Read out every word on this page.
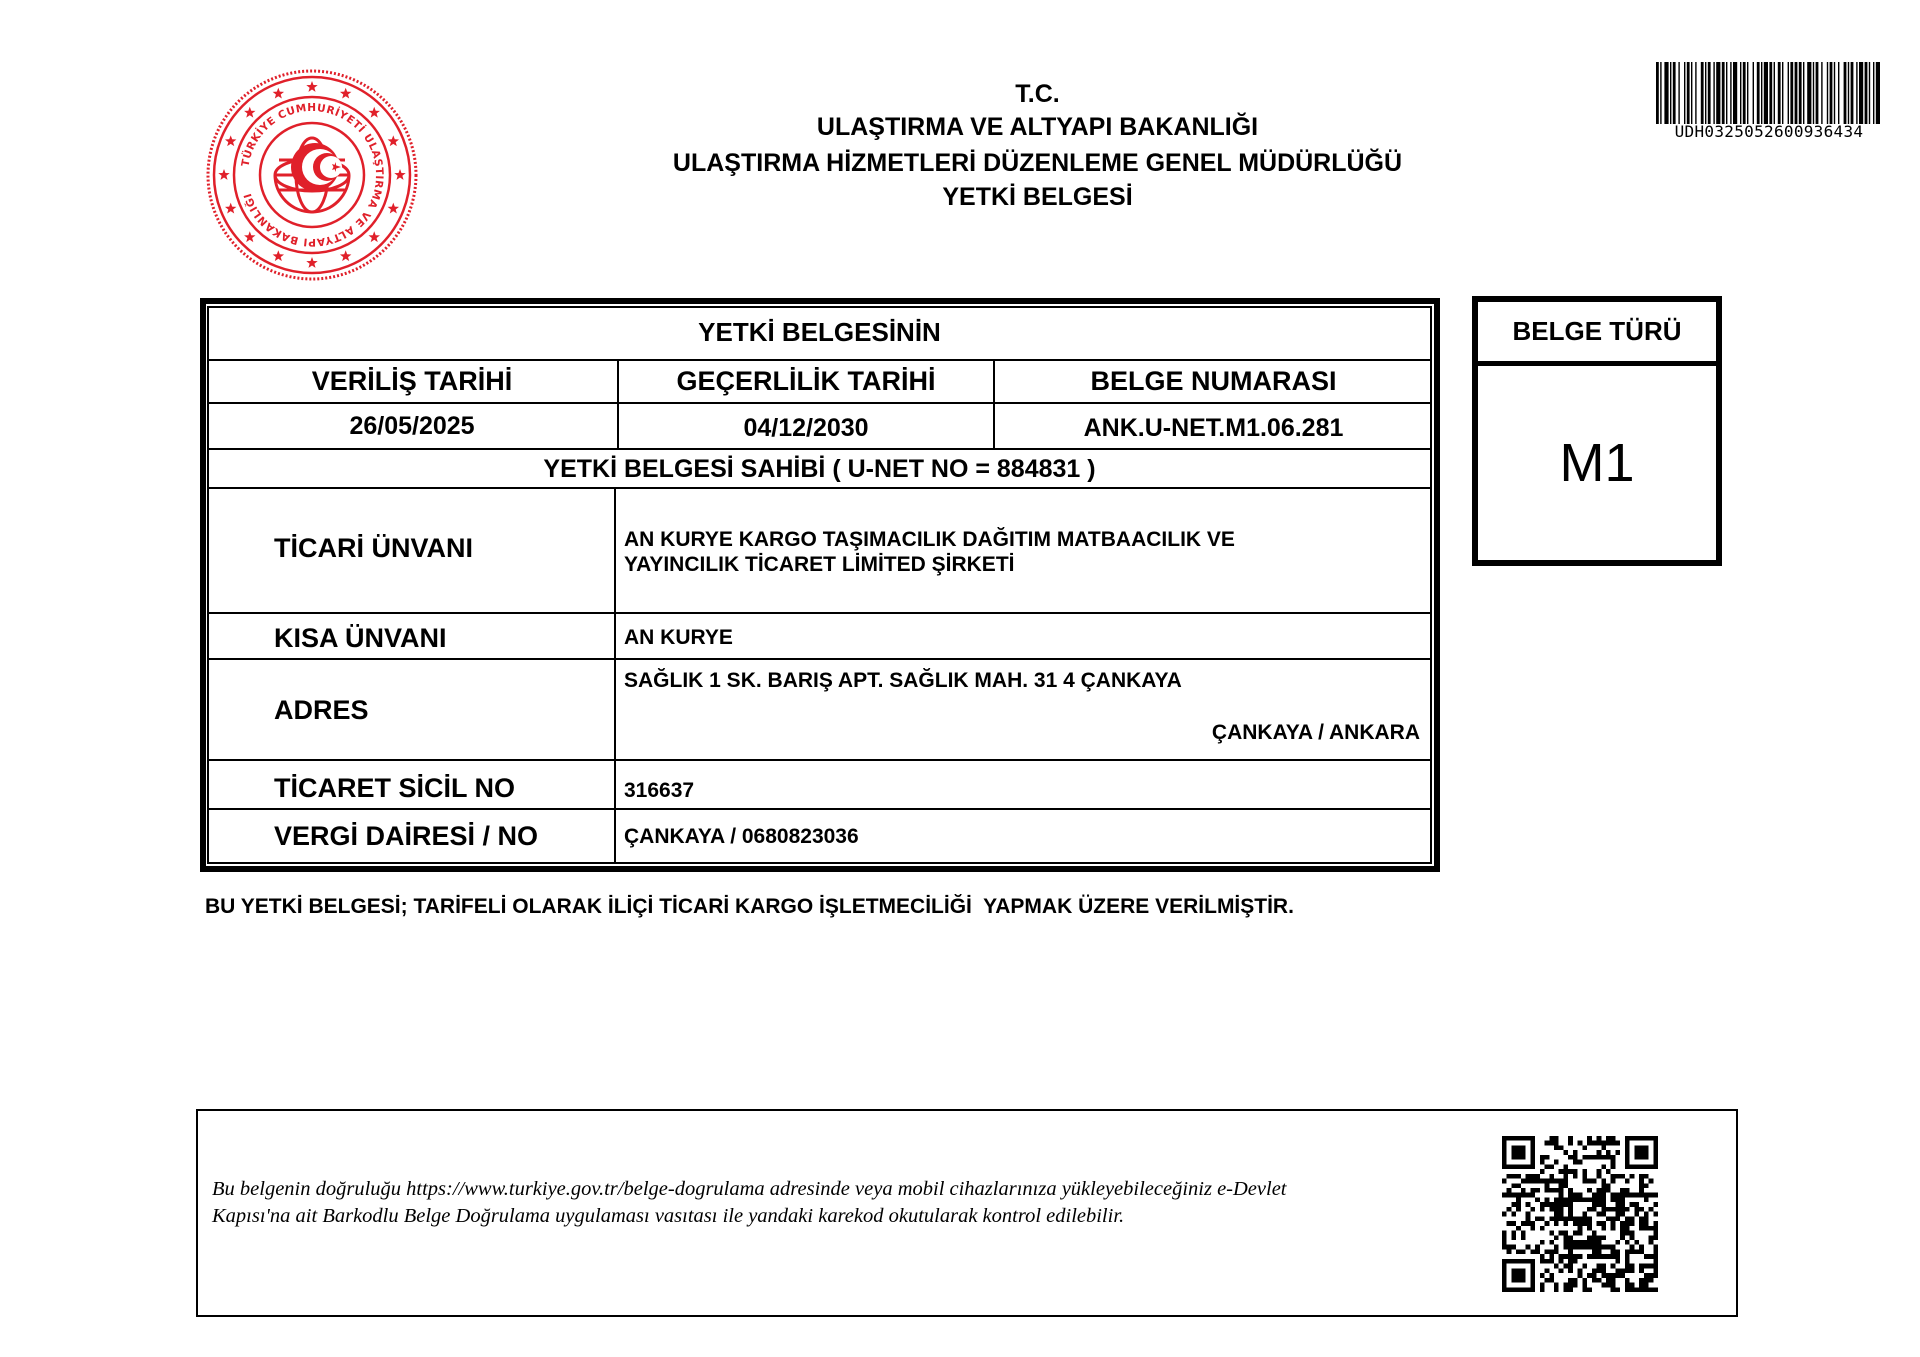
TÜRKİYE CUMHURİYETİ ULAŞTIRMA VE ALTYAPI BAKANLIĞI
T.C.
ULAŞTIRMA VE ALTYAPI BAKANLIĞI
ULAŞTIRMA HİZMETLERİ DÜZENLEME GENEL MÜDÜRLÜĞÜ
YETKİ BELGESİ
UDH0325052600936434
YETKİ BELGESİNİN
VERİLİŞ TARİHİ	GEÇERLİLİK TARİHİ	BELGE NUMARASI
26/05/2025	04/12/2030	ANK.U-NET.M1.06.281
YETKİ BELGESİ SAHİBİ ( U-NET NO = 884831 )
TİCARİ ÜNVANI	AN KURYE KARGO TAŞIMACILIK DAĞITIM MATBAACILIK VE
YAYINCILIK TİCARET LİMİTED ŞİRKETİ
KISA ÜNVANI	AN KURYE
ADRES
SAĞLIK 1 SK. BARIŞ APT. SAĞLIK MAH. 31 4 ÇANKAYA
ÇANKAYA / ANKARA
TİCARET SİCİL NO	316637
VERGİ DAİRESİ / NO	ÇANKAYA / 0680823036
BU YETKİ BELGESİ; TARİFELİ OLARAK İLİÇİ TİCARİ KARGO İŞLETMECİLİĞİ  YAPMAK ÜZERE VERİLMİŞTİR.
BELGE TÜRÜ
M1
Bu belgenin doğruluğu https://www.turkiye.gov.tr/belge-dogrulama adresinde veya mobil cihazlarınıza yükleyebileceğiniz e-Devlet
Kapısı'na ait Barkodlu Belge Doğrulama uygulaması vasıtası ile yandaki karekod okutularak kontrol edilebilir.
